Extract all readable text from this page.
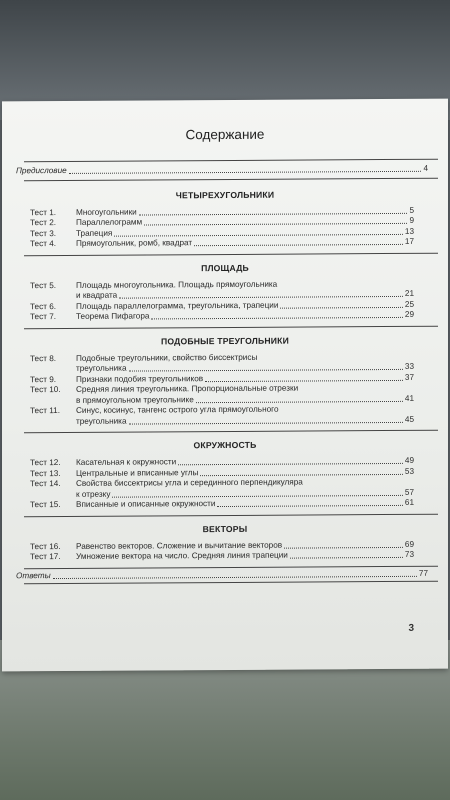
Содержание
Предисловие	4
ЧЕТЫРЕХУГОЛЬНИКИ
Тест 1. Многоугольники	5
Тест 2. Параллелограмм	9
Тест 3. Трапеция	13
Тест 4. Прямоугольник, ромб, квадрат	17
ПЛОЩАДЬ
Тест 5. Площадь многоугольника. Площадь прямоугольника
и квадрата	21
Тест 6. Площадь параллелограмма, треугольника, трапеции	25
Тест 7. Теорема Пифагора	29
ПОДОБНЫЕ ТРЕУГОЛЬНИКИ
Тест 8. Подобные треугольники, свойство биссектрисы
треугольника	33
Тест 9. Признаки подобия треугольников	37
Тест 10. Средняя линия треугольника. Пропорциональные отрезки
в прямоугольном треугольнике	41
Тест 11. Синус, косинус, тангенс острого угла прямоугольного
треугольника	45
ОКРУЖНОСТЬ
Тест 12. Касательная к окружности	49
Тест 13. Центральные и вписанные углы	53
Тест 14. Свойства биссектрисы угла и серединного перпендикуляра
к отрезку	57
Тест 15. Вписанные и описанные окружности	61
ВЕКТОРЫ
Тест 16. Равенство векторов. Сложение и вычитание векторов	69
Тест 17. Умножение вектора на число. Средняя линия трапеции	73
Ответы	77
3
